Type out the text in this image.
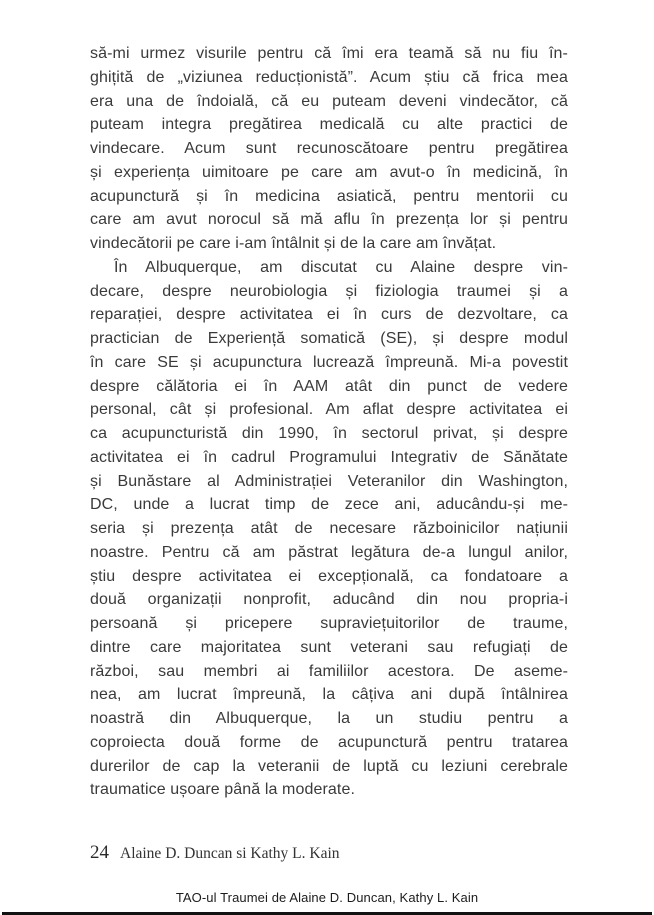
să-mi urmez visurile pentru că îmi era teamă să nu fiu în-
ghițită de „viziunea reducționistă”. Acum știu că frica mea
era una de îndoială, că eu puteam deveni vindecător, că
puteam integra pregătirea medicală cu alte practici de
vindecare. Acum sunt recunoscătoare pentru pregătirea
și experiența uimitoare pe care am avut-o în medicină, în
acupunctură și în medicina asiatică, pentru mentorii cu
care am avut norocul să mă aflu în prezența lor și pentru
vindecătorii pe care i-am întâlnit și de la care am învățat.
În Albuquerque, am discutat cu Alaine despre vin-
decare, despre neurobiologia și fiziologia traumei și a
reparației, despre activitatea ei în curs de dezvoltare, ca
practician de Experiență somatică (SE), și despre modul
în care SE și acupunctura lucrează împreună. Mi-a povestit
despre călătoria ei în AAM atât din punct de vedere
personal, cât și profesional. Am aflat despre activitatea ei
ca acupuncturistă din 1990, în sectorul privat, și despre
activitatea ei în cadrul Programului Integrativ de Sănătate
și Bunăstare al Administrației Veteranilor din Washington,
DC, unde a lucrat timp de zece ani, aducându-și me-
seria și prezența atât de necesare războinicilor națiunii
noastre. Pentru că am păstrat legătura de-a lungul anilor,
știu despre activitatea ei excepțională, ca fondatoare a
două organizații nonprofit, aducând din nou propria-i
persoană și pricepere supraviețuitorilor de traume,
dintre care majoritatea sunt veterani sau refugiați de
război, sau membri ai familiilor acestora. De aseme-
nea, am lucrat împreună, la câțiva ani după întâlnirea
noastră din Albuquerque, la un studiu pentru a
coproiecta două forme de acupunctură pentru tratarea
durerilor de cap la veteranii de luptă cu leziuni cerebrale
traumatice ușoare până la moderate.
24 Alaine D. Duncan si Kathy L. Kain
TAO-ul Traumei de Alaine D. Duncan, Kathy L. Kain
